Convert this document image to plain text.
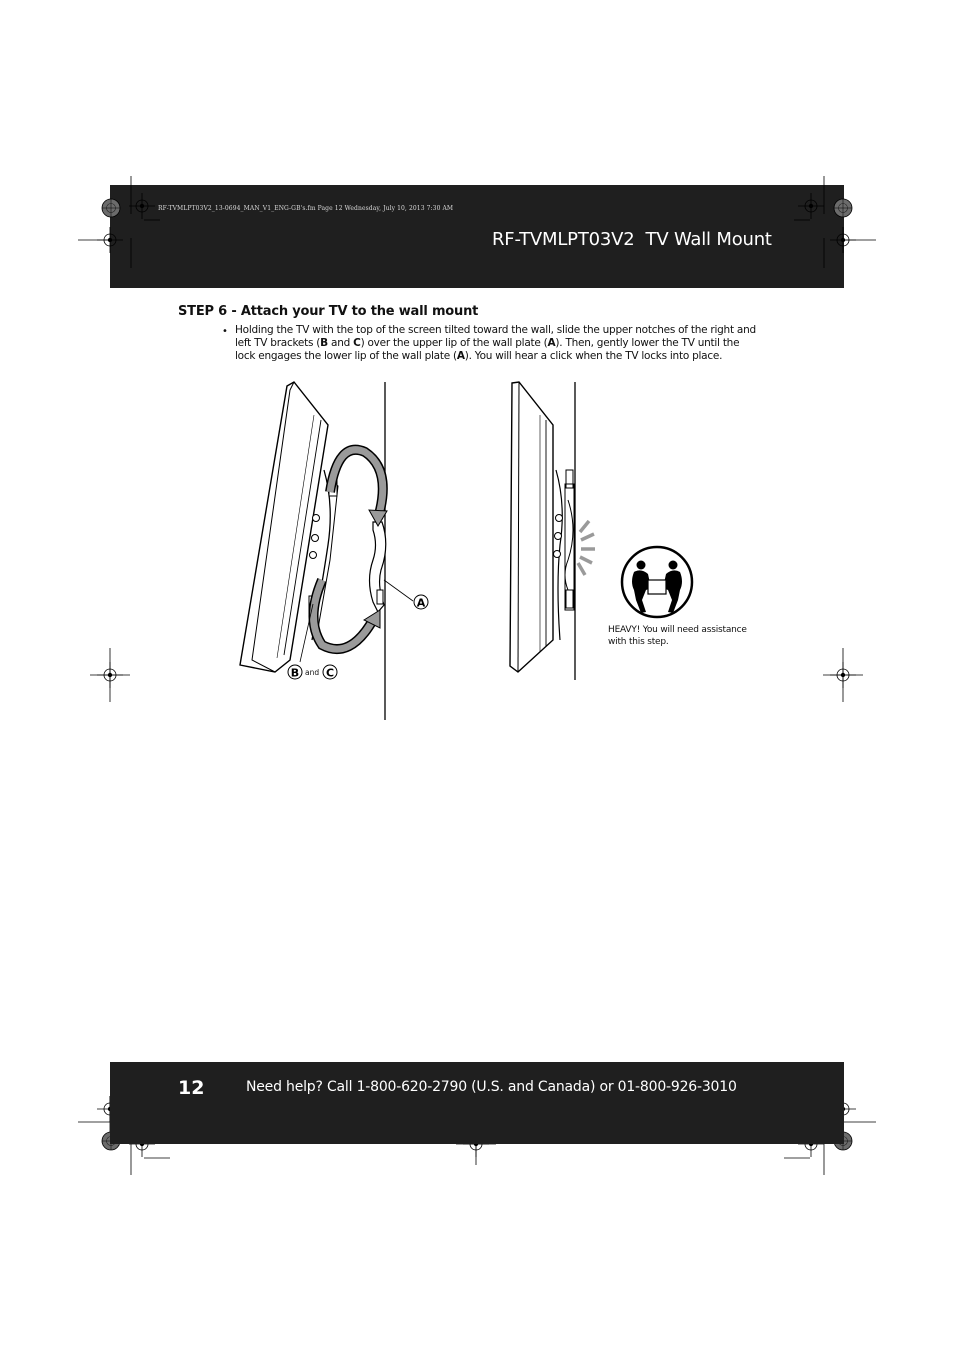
RF-TVMLPT03V2_13-0694_MAN_V1_ENG-GB's.fm Page 12 Wednesday, July 10, 2013 7:30 AM
RF-TVMLPT03V2  TV Wall Mount
STEP 6 - Attach your TV to the wall mount
• Holding the TV with the top of the screen tilted toward the wall, slide the upper notches of the right and left TV brackets (B and C) over the upper lip of the wall plate (A). Then, gently lower the TV until the lock engages the lower lip of the wall plate (A). You will hear a click when the TV locks into place.
A
B C
and
HEAVY! You will need assistance with this step.
12	Need help? Call 1-800-620-2790 (U.S. and Canada) or 01-800-926-3010
